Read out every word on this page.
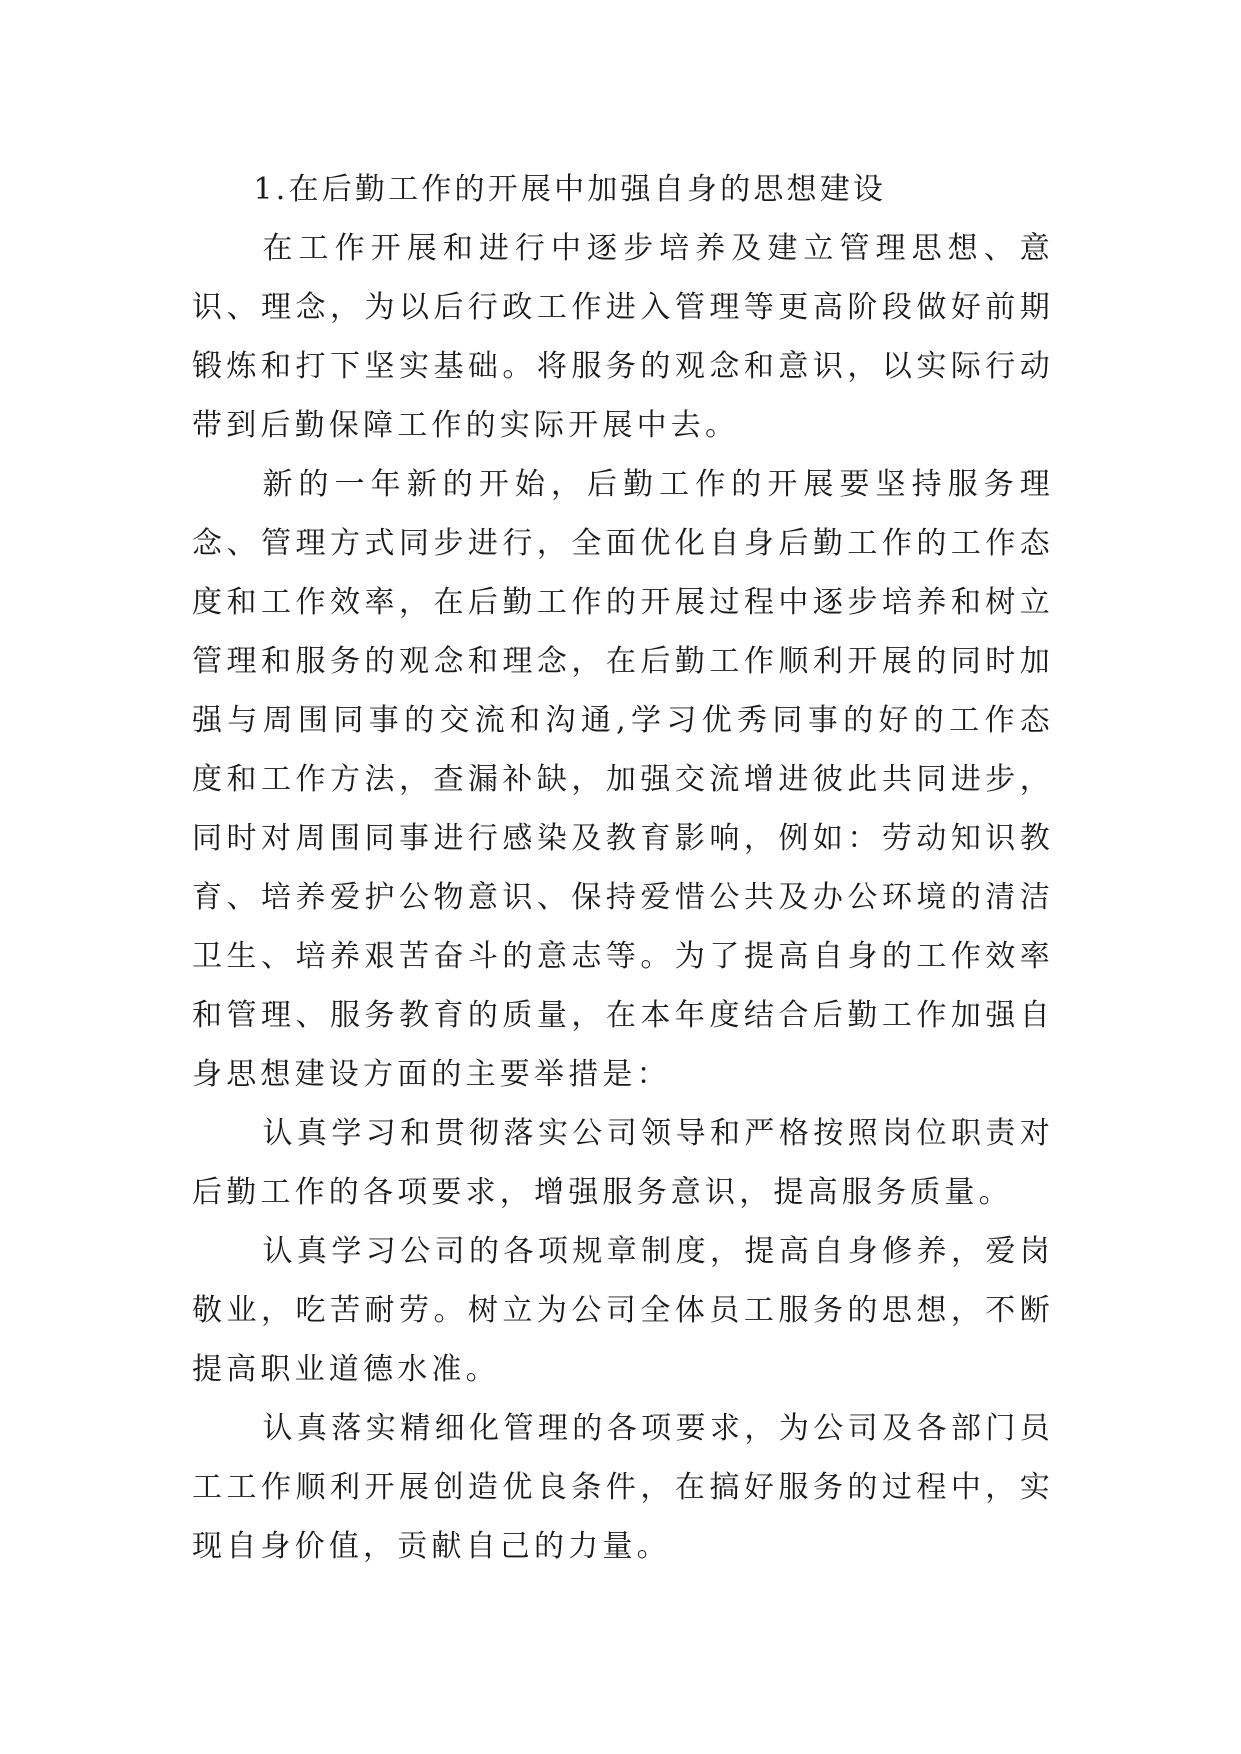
1.在后勤工作的开展中加强自身的思想建设

在工作开展和进行中逐步培养及建立管理思想、意识、理念，为以后行政工作进入管理等更高阶段做好前期锻炼和打下坚实基础。将服务的观念和意识，以实际行动带到后勤保障工作的实际开展中去。

新的一年新的开始，后勤工作的开展要坚持服务理念、管理方式同步进行，全面优化自身后勤工作的工作态度和工作效率，在后勤工作的开展过程中逐步培养和树立管理和服务的观念和理念，在后勤工作顺利开展的同时加强与周围同事的交流和沟通,学习优秀同事的好的工作态度和工作方法，查漏补缺，加强交流增进彼此共同进步，同时对周围同事进行感染及教育影响，例如：劳动知识教育、培养爱护公物意识、保持爱惜公共及办公环境的清洁卫生、培养艰苦奋斗的意志等。为了提高自身的工作效率和管理、服务教育的质量，在本年度结合后勤工作加强自身思想建设方面的主要举措是：

认真学习和贯彻落实公司领导和严格按照岗位职责对后勤工作的各项要求，增强服务意识，提高服务质量。

认真学习公司的各项规章制度，提高自身修养，爱岗敬业，吃苦耐劳。树立为公司全体员工服务的思想，不断提高职业道德水准。

认真落实精细化管理的各项要求，为公司及各部门员工工作顺利开展创造优良条件，在搞好服务的过程中，实现自身价值，贡献自己的力量。
